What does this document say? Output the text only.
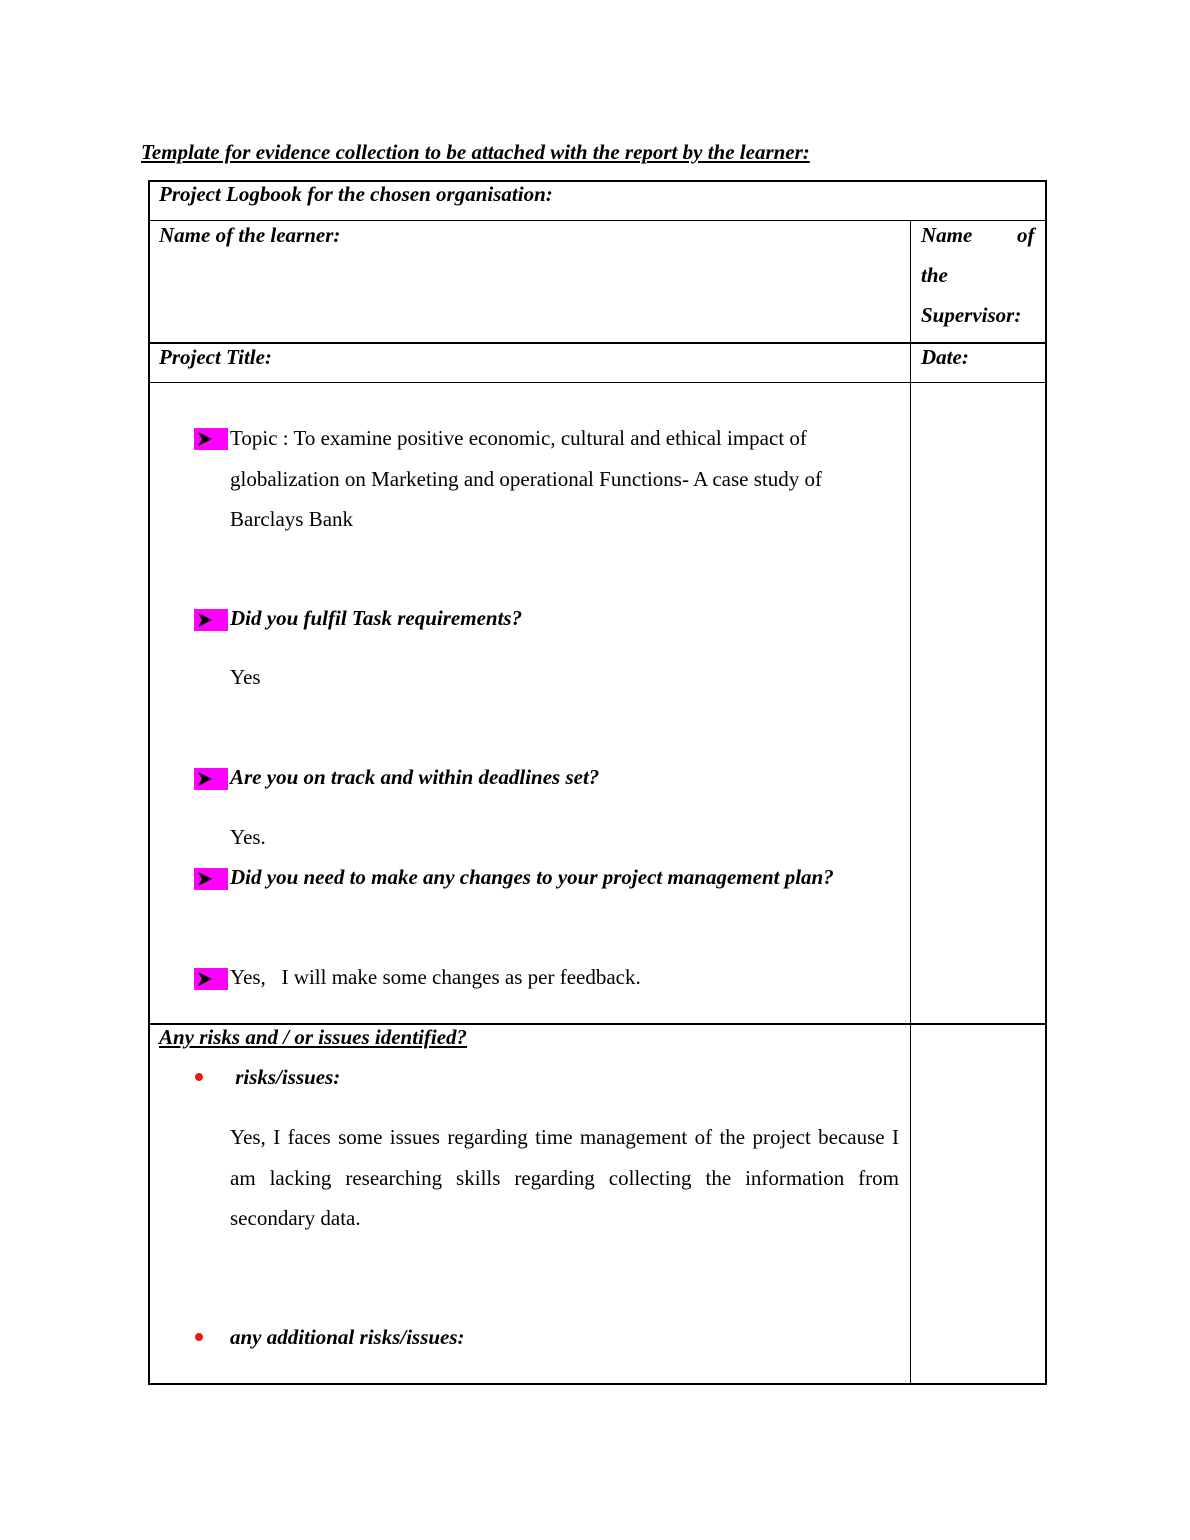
Template for evidence collection to be attached with the report by the learner:
Project Logbook for the chosen organisation:
Name of the learner:	Name of
the
Supervisor:
Project Title:	Date:
Topic : To examine positive economic, cultural and ethical impact of globalization on Marketing and operational Functions- A case study of Barclays Bank
Did you fulfil Task requirements?
Yes
Are you on track and within deadlines set?
Yes.
Did you need to make any changes to your project management plan?
Yes,   I will make some changes as per feedback.
Any risks and / or issues identified?
risks/issues:
Yes, I faces some issues regarding time management of the project because I am lacking researching skills regarding collecting the information from secondary data.
any additional risks/issues:
